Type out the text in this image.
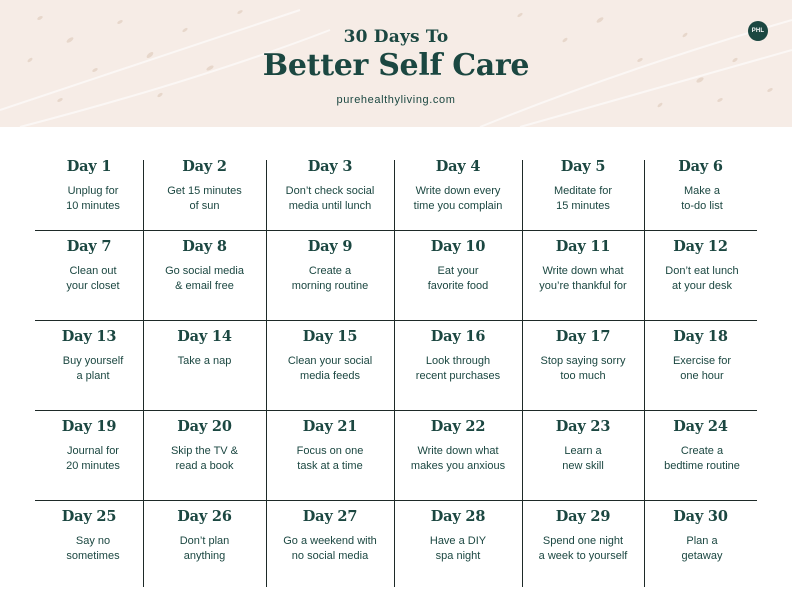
30 Days To
Better Self Care
purehealthyliving.com
PHL
Day 1
Unplug for
10 minutes
Day 2
Get 15 minutes
of sun
Day 3
Don’t check social
media until lunch
Day 4
Write down every
time you complain
Day 5
Meditate for
15 minutes
Day 6
Make a
to-do list
Day 7
Clean out
your closet
Day 8
Go social media
& email free
Day 9
Create a
morning routine
Day 10
Eat your
favorite food
Day 11
Write down what
you’re thankful for
Day 12
Don’t eat lunch
at your desk
Day 13
Buy yourself
a plant
Day 14
Take a nap
Day 15
Clean your social
media feeds
Day 16
Look through
recent purchases
Day 17
Stop saying sorry
too much
Day 18
Exercise for
one hour
Day 19
Journal for
20 minutes
Day 20
Skip the TV &
read a book
Day 21
Focus on one
task at a time
Day 22
Write down what
makes you anxious
Day 23
Learn a
new skill
Day 24
Create a
bedtime routine
Day 25
Say no
sometimes
Day 26
Don’t plan
anything
Day 27
Go a weekend with
no social media
Day 28
Have a DIY
spa night
Day 29
Spend one night
a week to yourself
Day 30
Plan a
getaway
